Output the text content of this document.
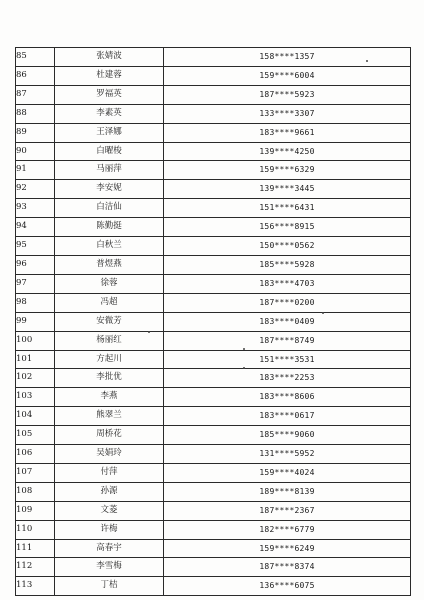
85	张婧波	158****1357
86	杜建蓉	159****6004
87	罗福英	187****5923
88	李素英	133****3307
89	王泽娜	183****9661
90	白曜梭	139****4250
91	马丽萍	159****6329
92	李安妮	139****3445
93	白洁仙	151****6431
94	陈勤挺	156****8915
95	白秋兰	150****0562
96	普煜燕	185****5928
97	徐蓉	183****4703
98	冯超	187****0200
99	安微芳	183****0409
100	杨丽红	187****8749
101	方起川	151****3531
102	李批优	183****2253
103	李燕	183****8606
104	熊翠兰	183****0617
105	周桥花	185****9060
106	吴娟玲	131****5952
107	付萍	159****4024
108	孙源	189****8139
109	文菱	187****2367
110	许梅	182****6779
111	高春宇	159****6249
112	李雪梅	187****8374
113	丁桔	136****6075
